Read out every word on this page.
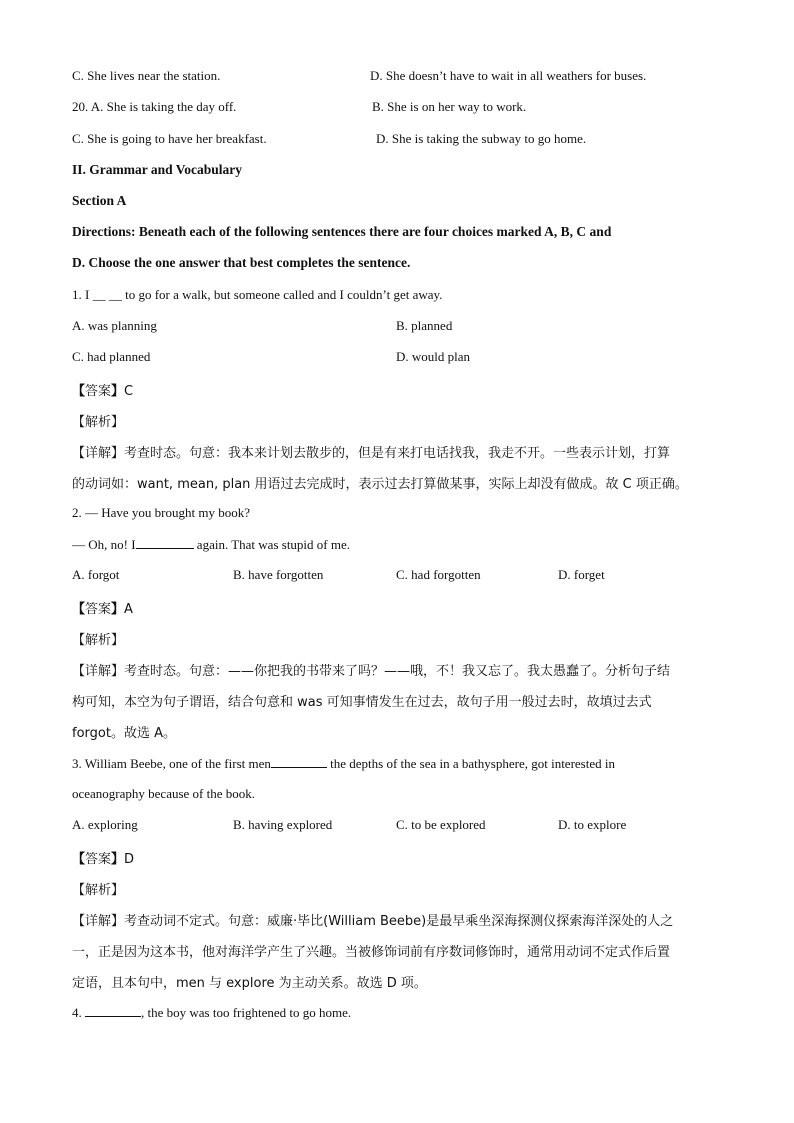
C. She lives near the station.	D. She doesn’t have to wait in all weathers for buses.
20. A. She is taking the day off.	B. She is on her way to work.
C. She is going to have her breakfast.	D. She is taking the subway to go home.
II. Grammar and Vocabulary
Section A
Directions: Beneath each of the following sentences there are four choices marked A, B, C and
D. Choose the one answer that best completes the sentence.
1. I __ __ to go for a walk, but someone called and I couldn’t get away.
A. was planning	B. planned
C. had planned	D. would plan
【答案】C
【解析】
【详解】考查时态。句意：我本来计划去散步的，但是有来打电话找我，我走不开。一些表示计划，打算
的动词如：want, mean, plan 用语过去完成时，表示过去打算做某事，实际上却没有做成。故 C 项正确。
2. — Have you brought my book?
— Oh, no! I	again. That was stupid of me.
A. forgot	B. have forgotten	C. had forgotten	D. forget
【答案】A
【解析】
【详解】考查时态。句意：——你把我的书带来了吗？——哦，不！我又忘了。我太愚蠢了。分析句子结
构可知，本空为句子谓语，结合句意和 was 可知事情发生在过去，故句子用一般过去时，故填过去式
forgot。故选 A。
3. William Beebe, one of the first men	the depths of the sea in a bathysphere, got interested in
oceanography because of the book.
A. exploring	B. having explored	C. to be explored	D. to explore
【答案】D
【解析】
【详解】考查动词不定式。句意：威廉·毕比(William Beebe)是最早乘坐深海探测仪探索海洋深处的人之
一，正是因为这本书，他对海洋学产生了兴趣。当被修饰词前有序数词修饰时，通常用动词不定式作后置
定语，且本句中，men 与 explore 为主动关系。故选 D 项。
4.	, the boy was too frightened to go home.
